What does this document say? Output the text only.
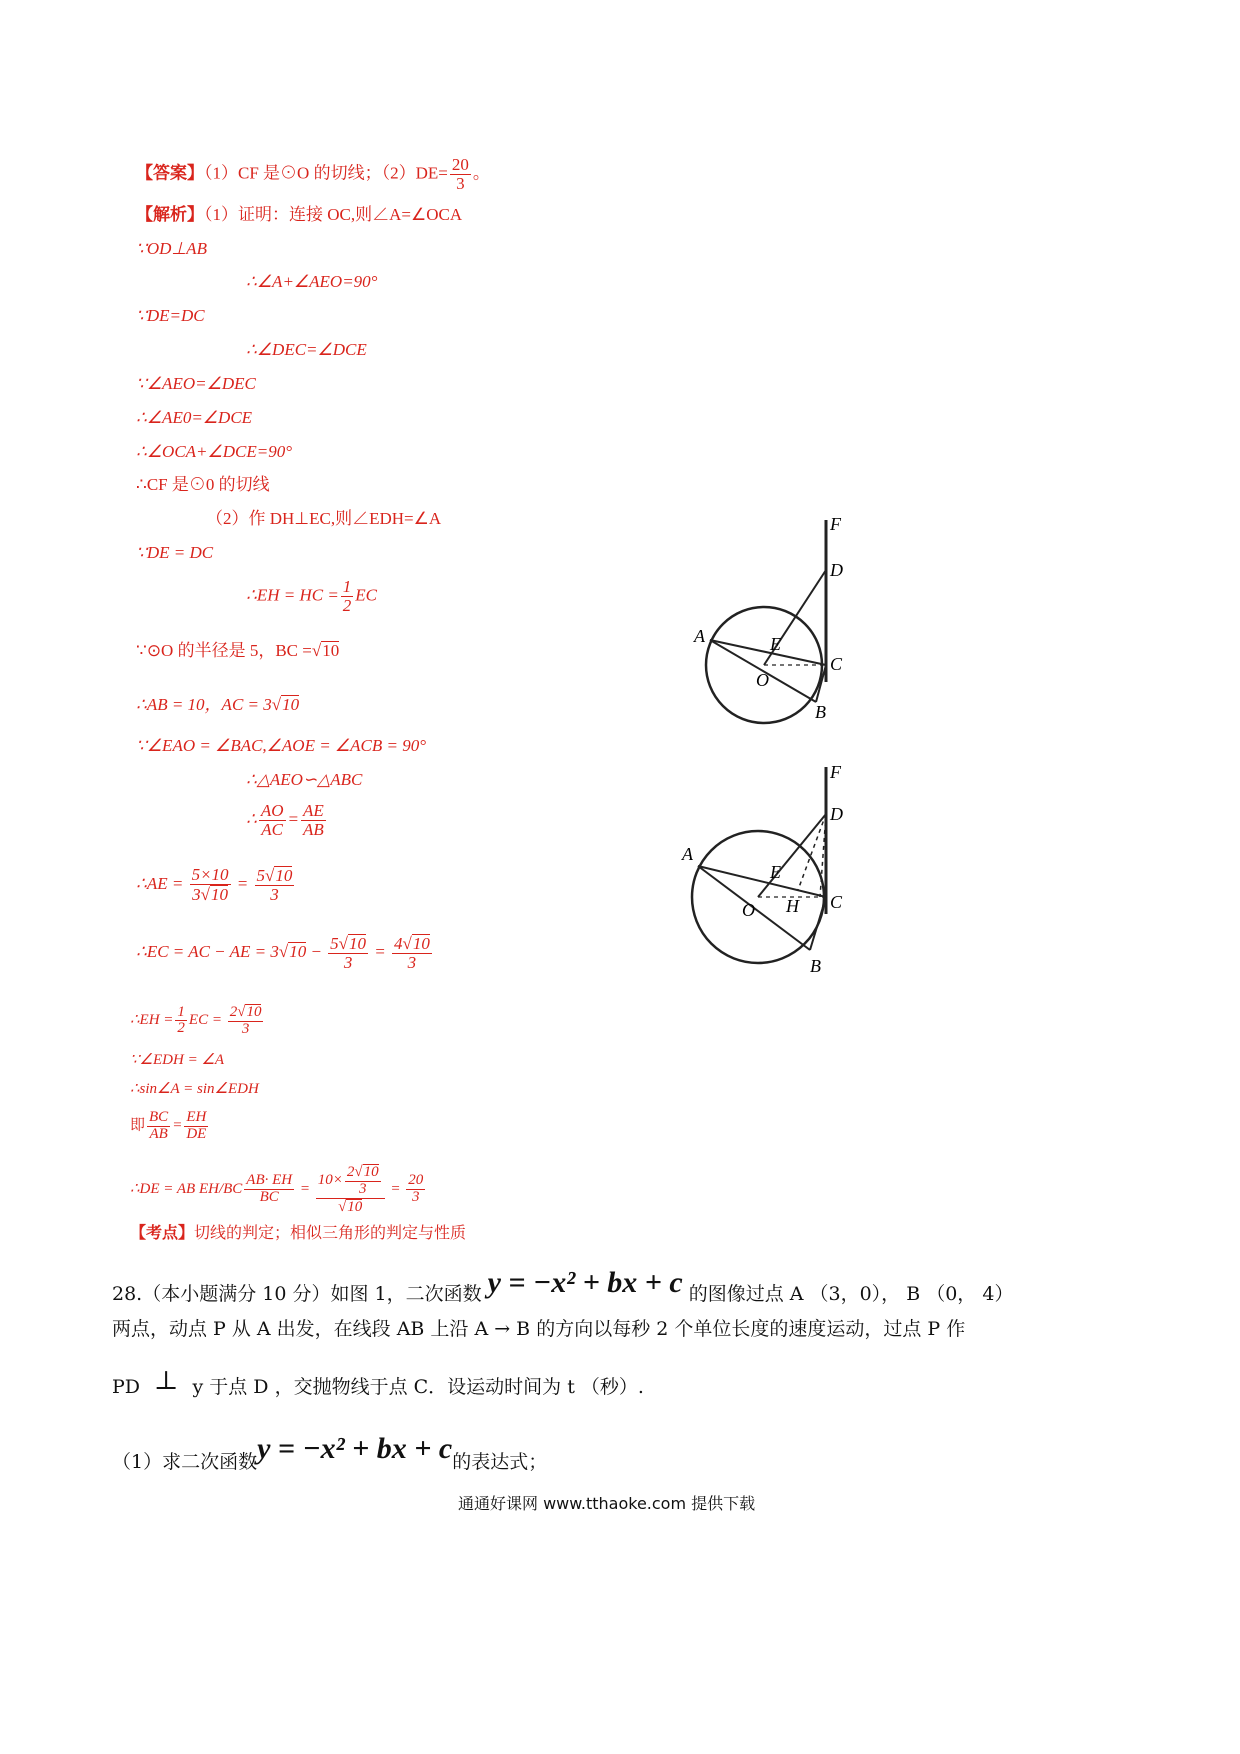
【答案】（1）CF 是⊙O 的切线；$(2)DE= \frac{20}{3}$ 。
【解析】（1）证明：连接 OC,则∠A=∠OCA
∵OD⊥AB
∴∠A+∠AEO=90°
∵DE=DC
∴∠DEC=∠DCE
∵∠AEO=∠DEC
∴∠AE0=∠DCE
∴∠OCA+∠DCE=90°
∴CF 是⊙0 的切线
（2）作 DH⊥EC,则∠EDH=∠A
∵DE = DC
∴EH = HC = $\frac{1}{2}$ EC
∵⊙O 的半径是 5，BC =√10
∴AB = 10，AC = 3√10
∵∠EAO = ∠BAC,∠AOE = ∠ACB = 90°
∴△AEO∽△ABC
∴ $\frac{AO}{AC} = \frac{AE}{AB}$
∴AE = $\frac{5\times 10}{3√10} = \frac{5√10}{3}$
∴EC = AC − AE = $3√10 - \frac{5√10}{3} = \frac{4√10}{3}$
∴EH = $\frac{1}{2}$ EC = $\frac{2√10}{3}$
∵∠EDH = ∠A
∴sin∠A = sin∠EDH
即 $\frac{BC}{AB} = \frac{EH}{DE}$
∴DE = AB $EH/BC \frac{AB\cdot EH}{BC} = \frac{10\times \frac{2√10}{3}}{√10} = \frac{20}{3}$
【考点】切线的判定；相似三角形的判定与性质
F
D
A	E
O
C
B
F
D
A
E
O	C
B
H
28.（本小题满分 10 分）如图 1，二次函数 y = −x² + bx + c 的图像过点 A （3，0）， B （0， 4）
两点，动点 P 从 A 出发，在线段 AB 上沿 A → B 的方向以每秒 2 个单位长度的速度运动，过点 P 作
PD ⊥ y 于点 D ，交抛物线于点 C．设运动时间为 t （秒）.
（1）求二次函数y = −x² + bx + c的表达式；
通通好课网 www.tthaoke.com 提供下载
